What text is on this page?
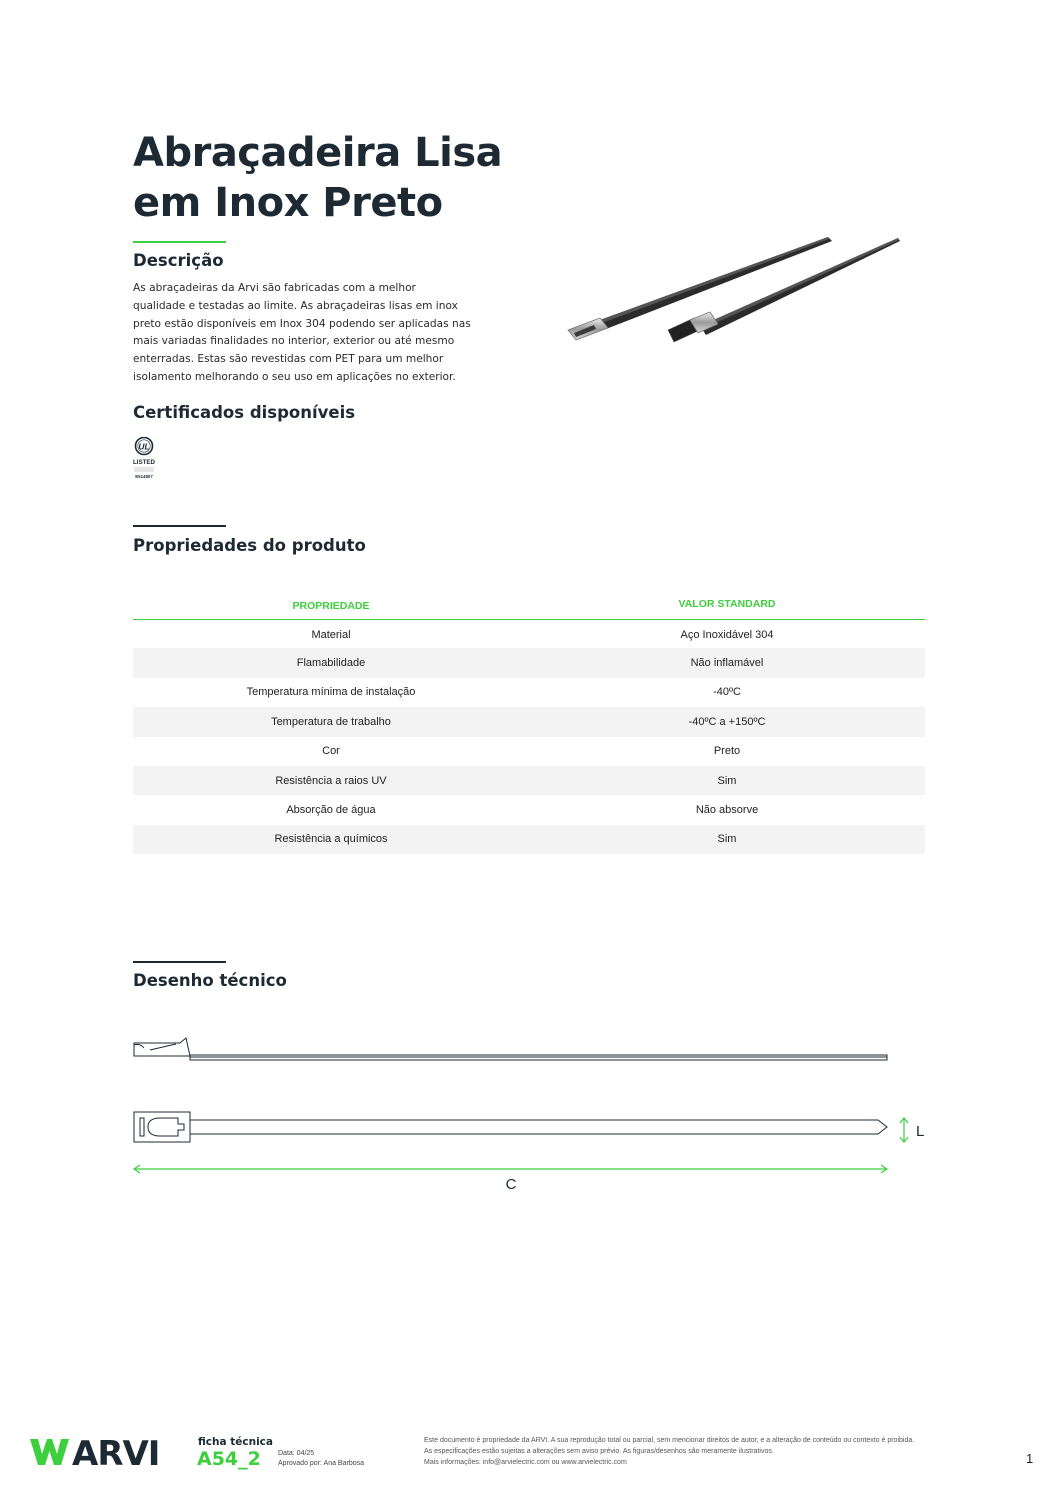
Abraçadeira Lisa
em Inox Preto
Descrição
As abraçadeiras da Arvi são fabricadas com a melhor
qualidade e testadas ao limite. As abraçadeiras lisas em inox
preto estão disponíveis em Inox 304 podendo ser aplicadas nas
mais variadas finalidades no interior, exterior ou até mesmo
enterradas. Estas são revestidas com PET para um melhor
isolamento melhorando o seu uso em aplicações no exterior.
Certificados disponíveis
UL
LISTED
E514807
Propriedades do produto
PROPRIEDADE	VALOR STANDARD
Material	Aço Inoxidável 304
Flamabilidade	Não inflamável
Temperatura mínima de instalação	-40ºC
Temperatura de trabalho	-40ºC a +150ºC
Cor	Preto
Resistência a raios UV	Sim
Absorção de água	Não absorve
Resistência a químicos	Sim
Desenho técnico
L
C
ARVI	ficha técnica
A54_2 Data: 04/25
Aprovado por: Ana Barbosa
Este documento é propriedade da ARVI. A sua reprodução total ou parcial, sem mencionar direitos de autor, e a alteração de conteúdo ou contexto é proibida.
As especificações estão sujeitas a alterações sem aviso prévio. As figuras/desenhos são meramente ilustrativos.
Mais informações: info@arvielectric.com ou www.arvielectric.com	1
